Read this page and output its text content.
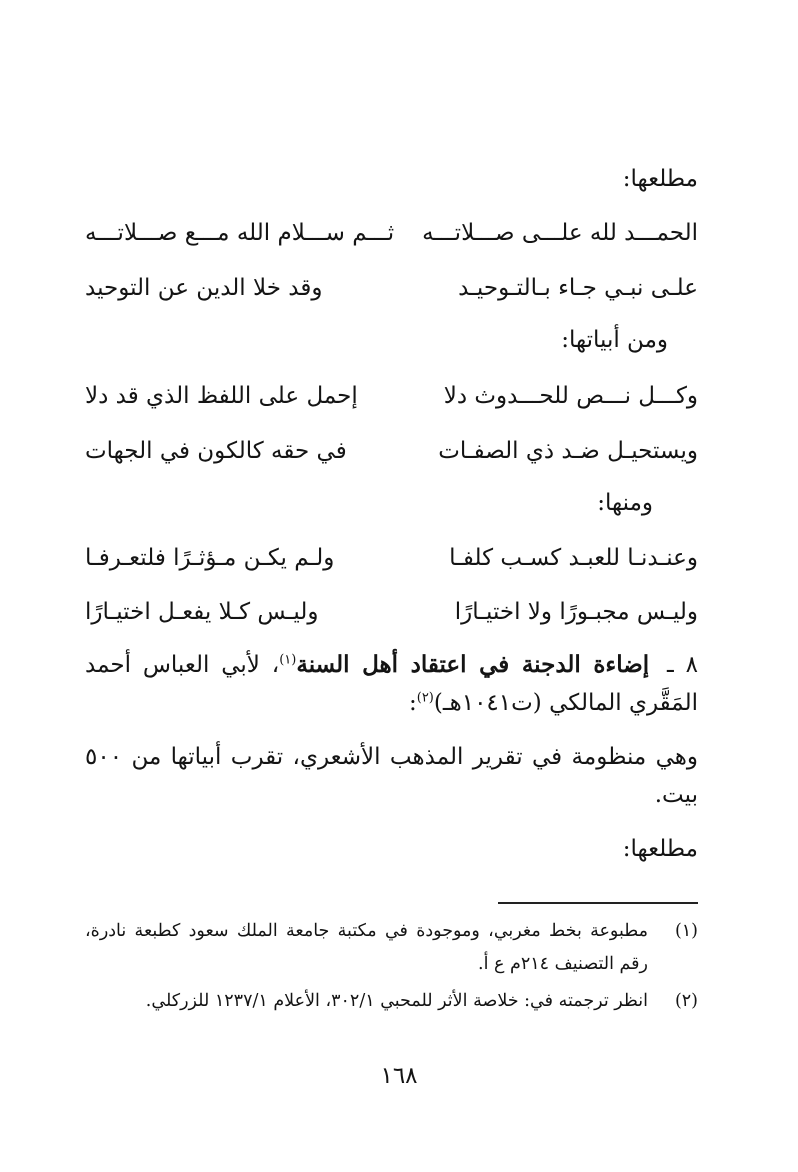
مطلعها:
الحمـــد لله علـــى صـــلاتـــه
ثـــم ســـلام الله مـــع صـــلاتـــه
علـى نبـي جـاء بـالتـوحيـد
وقد خلا الدين عن التوحيد
ومن أبياتها:
وكـــل نـــص للحـــدوث دلا
إحمل على اللفظ الذي قد دلا
ويستحيـل ضـد ذي الصفـات
في حقه كالكون في الجهات
ومنها:
وعنـدنـا للعبـد كسـب كلفـا
ولـم يكـن مـؤثـرًا فلتعـرفـا
وليـس مجبـورًا ولا اختيـارًا
وليـس كـلا يفعـل اختيـارًا
٨ ـ إضاءة الدجنة في اعتقاد أهل السنة$^{(١)}$، لأبي العباس أحمد
المَقَّري المالكي (ت١٠٤١هـ)$^{(٢)}$:
وهي منظومة في تقرير المذهب الأشعري، تقرب أبياتها من ٥٠٠ بيت.
مطلعها:
(١)
مطبوعة بخط مغربي، وموجودة في مكتبة جامعة الملك سعود كطبعة نادرة، رقم التصنيف ٢١٤م ع أ.
(٢)
انظر ترجمته في: خلاصة الأثر للمحبي ٣٠٢/١، الأعلام ١٢٣٧/١ للزركلي.
١٦٨
